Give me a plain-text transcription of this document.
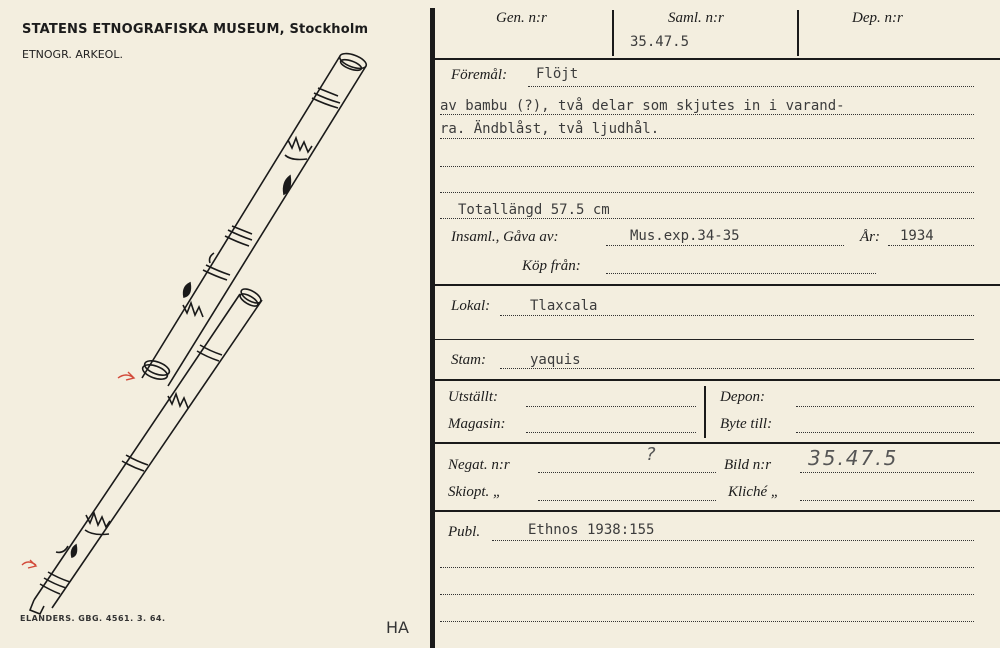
STATENS ETNOGRAFISKA MUSEUM, Stockholm
ETNOGR. ARKEOL.
ELANDERS. GBG. 4561. 3. 64.	HA
Gen. n:r	Saml. n:r
35.47.5
Dep. n:r
Föremål: Flöjt
av bambu (?), två delar som skjutes in i varand-
ra. Ändblåst, två ljudhål.
Totallängd 57.5 cm
Insaml., Gåva av:	Mus.exp.34-35	År: 1934
Köp från:
Lokal:	Tlaxcala
Stam:	yaquis
Utställt:
Magasin:
Depon:
Byte till:
Negat. n:r	?	Bild n:r 35.47.5
Skiopt. „	Kliché „
Publ.	Ethnos 1938:155
